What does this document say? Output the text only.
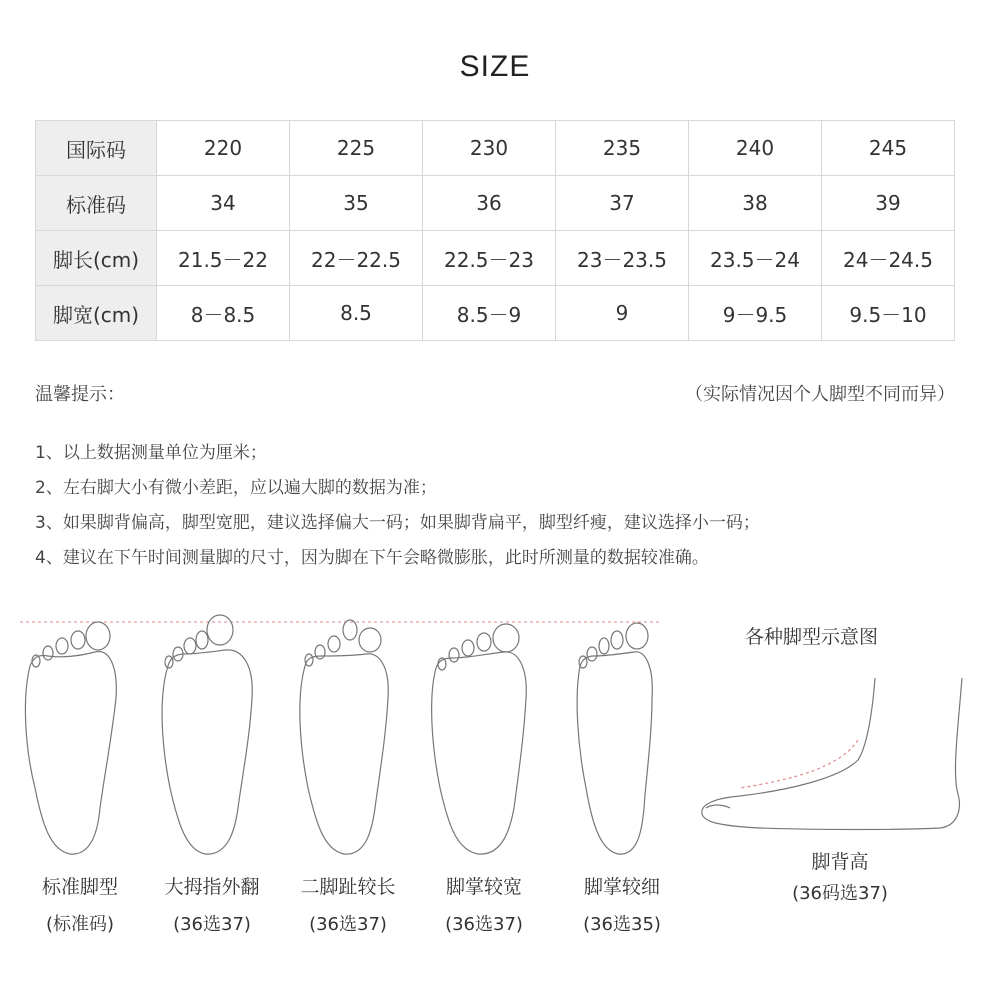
SIZE
国际码	220	225	230	235	240	245
标准码	34	35	36	37	38	39
脚长(cm)	21.5－22	22－22.5	22.5－23	23－23.5	23.5－24	24－24.5
脚宽(cm)	8－8.5	8.5	8.5－9	9	9－9.5	9.5－10
温馨提示：	（实际情况因个人脚型不同而异）
1、以上数据测量单位为厘米；
2、左右脚大小有微小差距，应以遍大脚的数据为准；
3、如果脚背偏高，脚型宽肥，建议选择偏大一码；如果脚背扁平，脚型纤瘦，建议选择小一码；
4、建议在下午时间测量脚的尺寸，因为脚在下午会略微膨胀，此时所测量的数据较准确。
标准脚型
(标准码)
大拇指外翻
(36选37)
二脚趾较长
(36选37)
脚掌较宽
(36选37)
脚掌较细
(36选35)
各种脚型示意图
脚背高
(36码选37)
